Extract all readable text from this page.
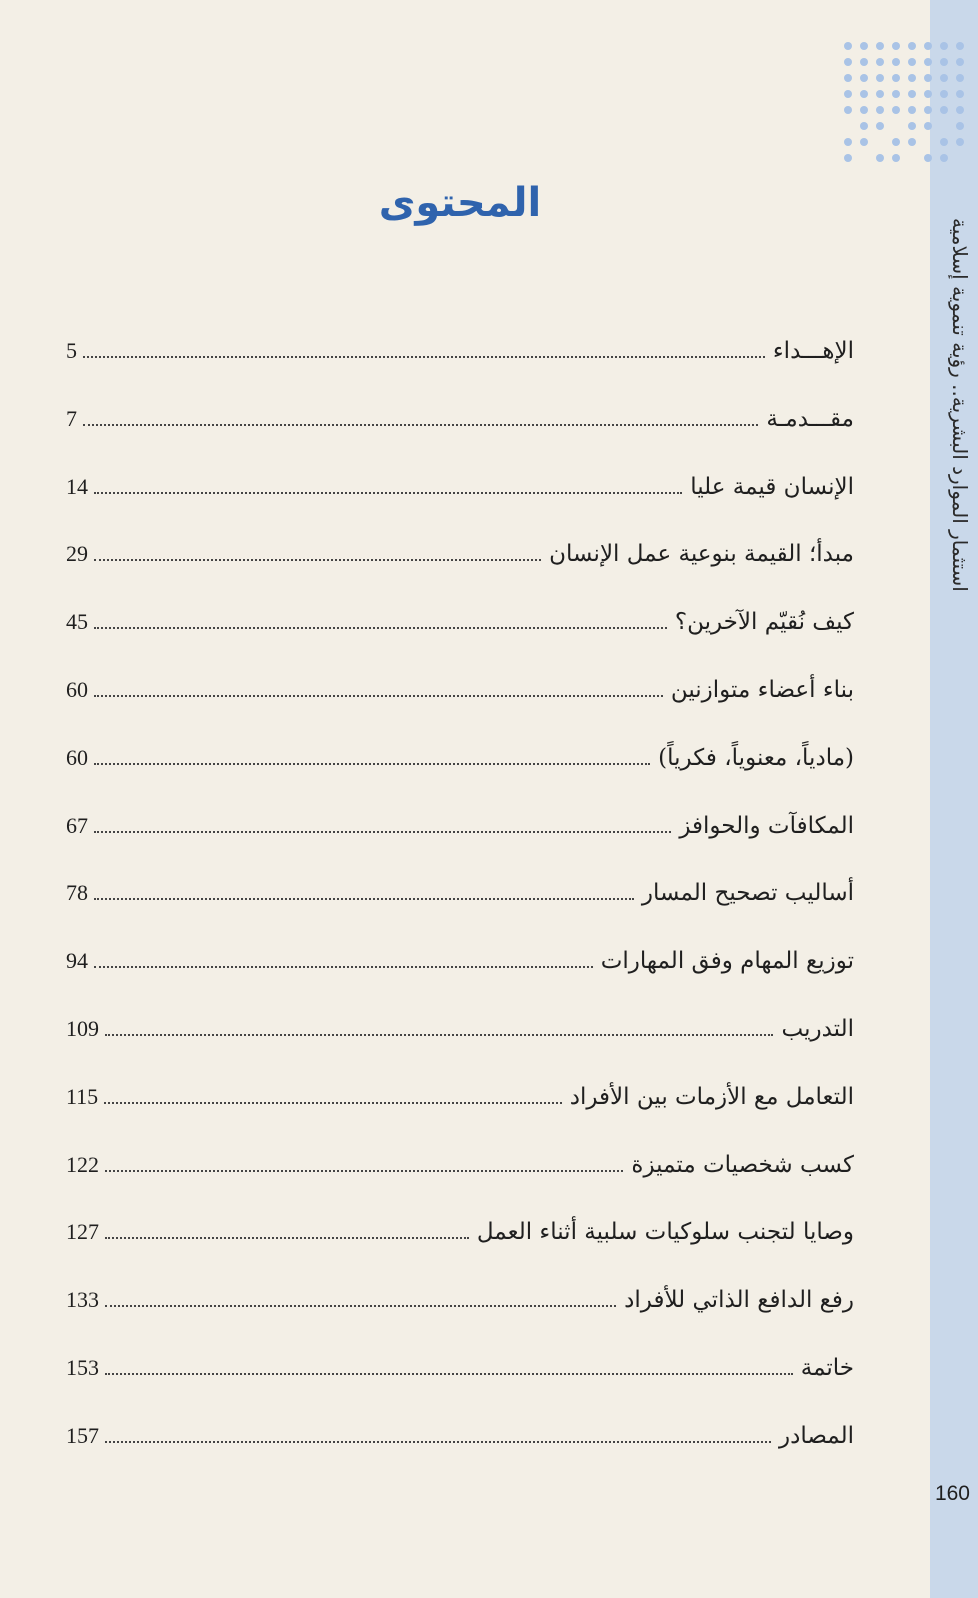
استثمار الموارد البشرية.. رؤية تنموية إسلامية
160
المحتوى
الإهـــداء
5
مقـــدمـة
7
الإنسان قيمة عليا
14
مبدأ؛ القيمة بنوعية عمل الإنسان
29
كيف نُقيّم الآخرين؟
45
بناء أعضاء متوازنين
60
(مادياً، معنوياً، فكرياً)
60
المكافآت والحوافز
67
أساليب تصحيح المسار
78
توزيع المهام وفق المهارات
94
التدريب
109
التعامل مع الأزمات بين الأفراد
115
كسب شخصيات متميزة
122
وصايا لتجنب سلوكيات سلبية أثناء العمل
127
رفع الدافع الذاتي للأفراد
133
خاتمة
153
المصادر
157
